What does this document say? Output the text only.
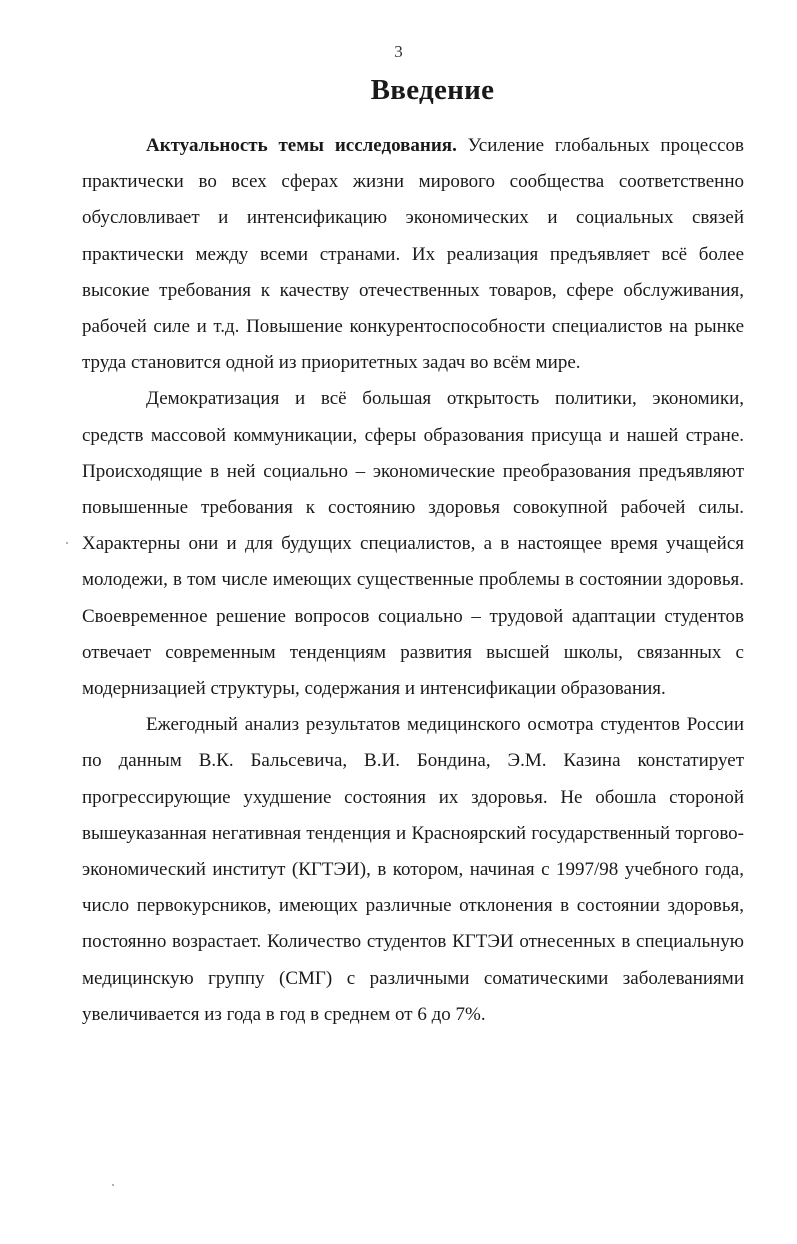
3
Введение

Актуальность темы исследования. Усиление глобальных процессов практически во всех сферах жизни мирового сообщества соответственно обусловливает и интенсификацию экономических и социальных связей практически между всеми странами. Их реализация предъявляет всё более высокие требования к качеству отечественных товаров, сфере обслуживания, рабочей силе и т.д. Повышение конкурентоспособности специалистов на рынке труда становится одной из приоритетных задач во всём мире.

Демократизация и всё большая открытость политики, экономики, средств массовой коммуникации, сферы образования присуща и нашей стране. Происходящие в ней социально – экономические преобразования предъявляют повышенные требования к состоянию здоровья совокупной рабочей силы. Характерны они и для будущих специалистов, а в настоящее время учащейся молодежи, в том числе имеющих существенные проблемы в состоянии здоровья. Своевременное решение вопросов социально – трудовой адаптации студентов отвечает современным тенденциям развития высшей школы, связанных с модернизацией структуры, содержания и интенсификации образования.

Ежегодный анализ результатов медицинского осмотра студентов России по данным В.К. Бальсевича, В.И. Бондина, Э.М. Казина констатирует прогрессирующие ухудшение состояния их здоровья. Не обошла стороной вышеуказанная негативная тенденция и Красноярский государственный торгово-экономический институт (КГТЭИ), в котором, начиная с 1997/98 учебного года, число первокурсников, имеющих различные отклонения в состоянии здоровья, постоянно возрастает. Количество студентов КГТЭИ отнесенных в специальную медицинскую группу (СМГ) с различными соматическими заболеваниями увеличивается из года в год в среднем от 6 до 7%.
